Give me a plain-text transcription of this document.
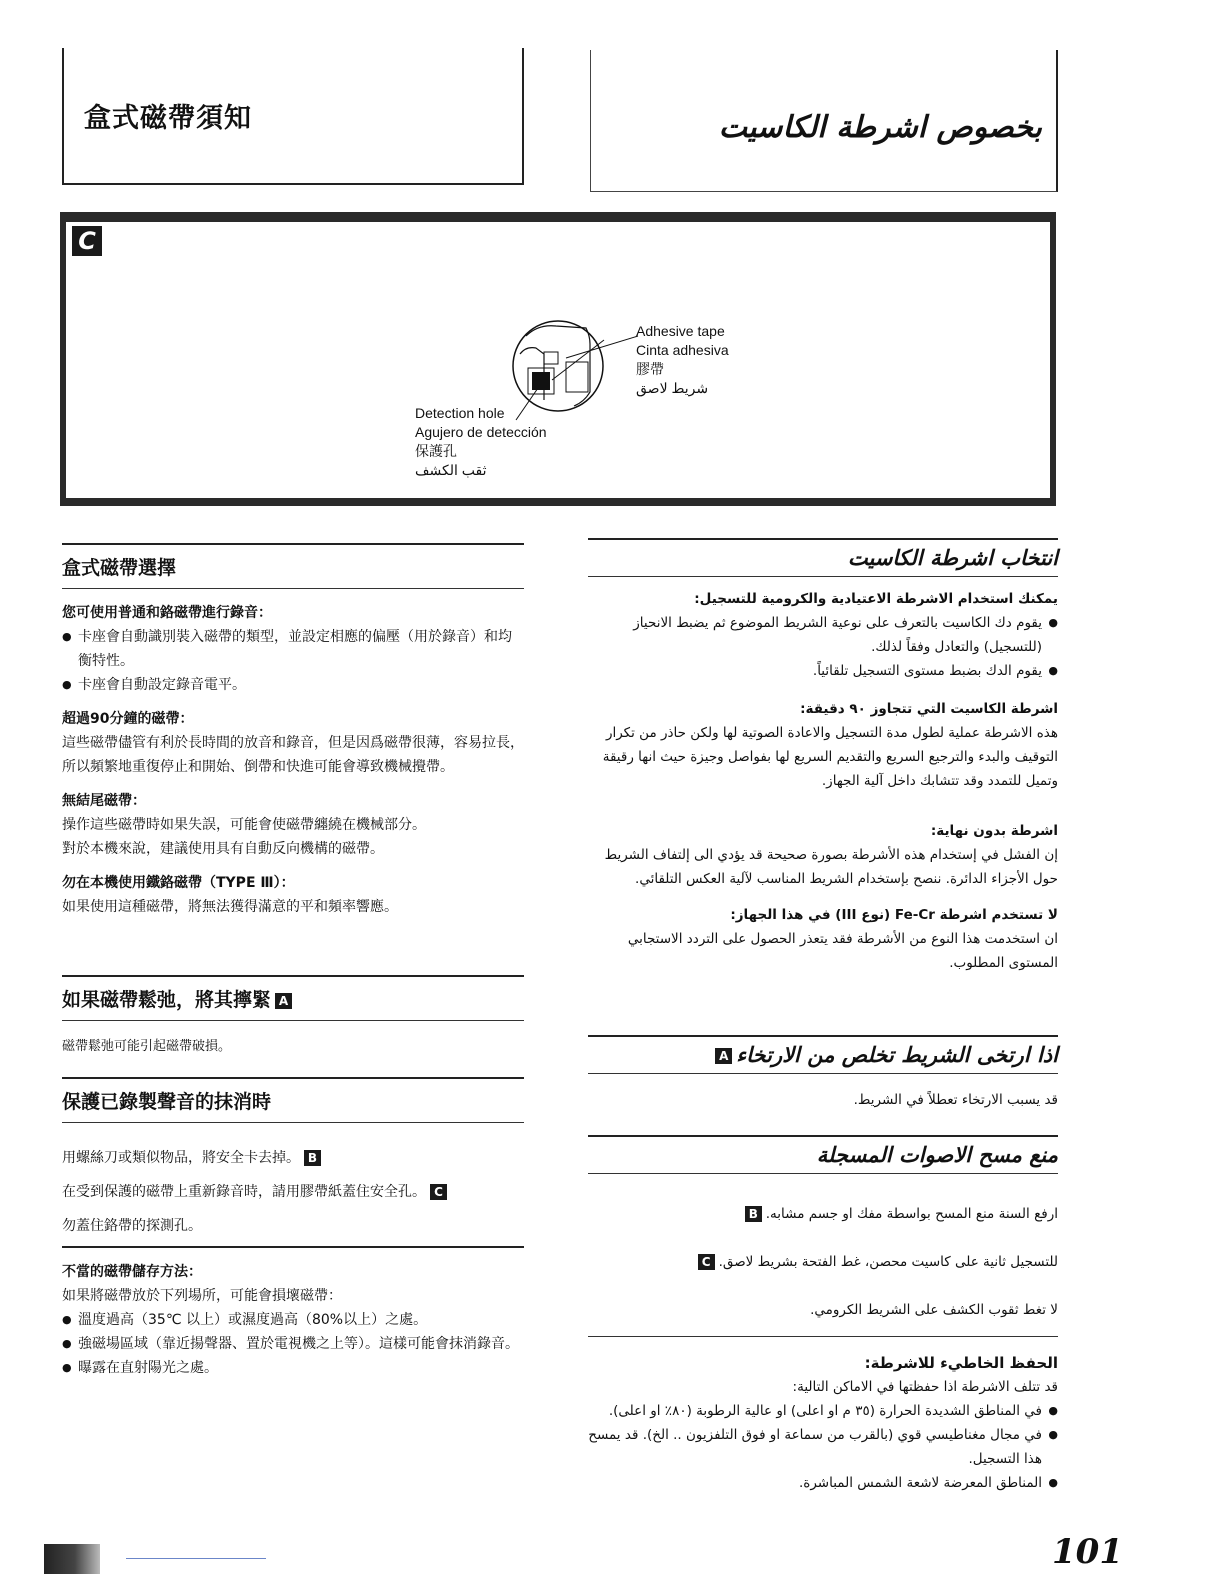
盒式磁帶須知	بخصوص اشرطة الكاسيت
C
Adhesive tape
Cinta adhesiva
膠帶
شريط لاصق
Detection hole
Agujero de detección
保護孔
ثقب الكشف
盒式磁帶選擇
您可使用普通和鉻磁帶進行錄音：
● 卡座會自動識別裝入磁帶的類型，並設定相應的偏壓（用於錄音）和均衡特性。
● 卡座會自動設定錄音電平。
超過90分鐘的磁帶：
這些磁帶儘管有利於長時間的放音和錄音，但是因爲磁帶很薄，容易拉長，所以頻繁地重復停止和開始、倒帶和快進可能會導致機械攪帶。
無結尾磁帶：
操作這些磁帶時如果失誤，可能會使磁帶纏繞在機械部分。
對於本機來說，建議使用具有自動反向機構的磁帶。
勿在本機使用鐵鉻磁帶（TYPE Ⅲ）：
如果使用這種磁帶，將無法獲得滿意的平和頻率響應。
如果磁帶鬆弛，將其擰緊 A
磁帶鬆弛可能引起磁帶破損。
保護已錄製聲音的抹消時
用螺絲刀或類似物品，將安全卡去掉。 B
在受到保護的磁帶上重新錄音時，請用膠帶紙蓋住安全孔。 C
勿蓋住鉻帶的探測孔。
不當的磁帶儲存方法：
如果將磁帶放於下列場所，可能會損壞磁帶：
● 溫度過高（35℃ 以上）或濕度過高（80%以上）之處。
● 強磁場區域（靠近揚聲器、置於電視機之上等）。這樣可能會抹消錄音。
● 曝露在直射陽光之處。
انتخاب اشرطة الكاسيت
يمكنك استخدام الاشرطة الاعتيادية والكرومية للتسجيل:
● يقوم دك الكاسيت بالتعرف على نوعية الشريط الموضوع ثم يضبط الانحياز (للتسجيل) والتعادل وفقاً لذلك.
● يقوم الدك بضبط مستوى التسجيل تلقائياً.
اشرطة الكاسيت التي تتجاوز ٩٠ دقيقة:
هذه الاشرطة عملية لطول مدة التسجيل والاعادة الصوتية لها ولكن حاذر من تكرار التوقيف والبدء والترجيع السريع والتقديم السريع لها بفواصل وجيزة حيث انها رقيقة وتميل للتمدد وقد تتشابك داخل آلية الجهاز.
اشرطة بدون نهاية:
إن الفشل في إستخدام هذه الأشرطة بصورة صحيحة قد يؤدي الى إلتفاف الشريط حول الأجزاء الدائرة. ننصح بإستخدام الشريط المناسب لآلية العكس التلقائي.
لا تستخدم اشرطة Fe-Cr (نوع III) في هذا الجهاز:
ان استخدمت هذا النوع من الأشرطة فقد يتعذر الحصول على التردد الاستجابي المستوى المطلوب.
اذا ارتخى الشريط تخلص من الارتخاءA
قد يسبب الارتخاء تعطلاً في الشريط.
منع مسح الاصوات المسجلة
ارفع السنة منع المسح بواسطة مفك او جسم مشابه.B
للتسجيل ثانية على كاسيت محصن، غط الفتحة بشريط لاصق.C
لا تغط ثقوب الكشف على الشريط الكرومي.
الحفظ الخاطيء للاشرطة:
قد تتلف الاشرطة اذا حفظتها في الاماكن التالية:
● في المناطق الشديدة الحرارة (٣٥ م او اعلى) او عالية الرطوبة (٨٠٪ او اعلى).
● في مجال مغناطيسي قوي (بالقرب من سماعة او فوق التلفزيون .. الخ). قد يمسح هذا التسجيل.
● المناطق المعرضة لاشعة الشمس المباشرة.
101
